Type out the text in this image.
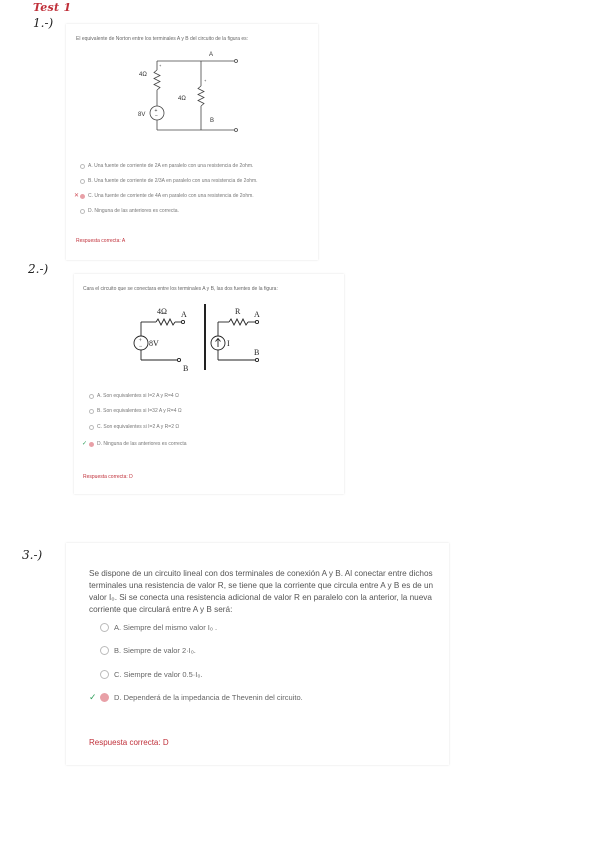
Test 1
1.-)
2.-)
3.-)
El equivalente de Norton entre los terminales A y B del circuito de la figura es:
4Ω
4Ω
8V
A
B
+
−
+
+
A. Una fuente de corriente de 2A en paralelo con una resistencia de 2ohm.
B. Una fuente de corriente de 2/3A en paralelo con una resistencia de 2ohm.
✕ C. Una fuente de corriente de 4A en paralelo con una resistencia de 2ohm.
D. Ninguna de las anteriores es correcta.
Respuesta correcta: A
Cara el circuito que se conectara entre los terminales A y B, las dos fuentes de la figura:
4Ω A
8V
B
R A
I
B
+
−
A. Son equivalentes si I=2 A y R=4 Ω
B. Son equivalentes si I=32 A y R=4 Ω
C. Son equivalentes si I=2 A y R=2 Ω
✓ D. Ninguna de las anteriores es correcta
Respuesta correcta: D
Se dispone de un circuito lineal con dos terminales de conexión A y B. Al conectar entre dichos terminales una resistencia de valor R, se tiene que la corriente que circula entre A y B es de un valor I₀. Si se conecta una resistencia adicional de valor R en paralelo con la anterior, la nueva corriente que circulará entre A y B será:
A. Siempre del mismo valor I₀ .
B. Siempre de valor 2·I₀.
C. Siempre de valor 0.5·I₀.
✓ D. Dependerá de la impedancia de Thevenin del circuito.
Respuesta correcta: D
